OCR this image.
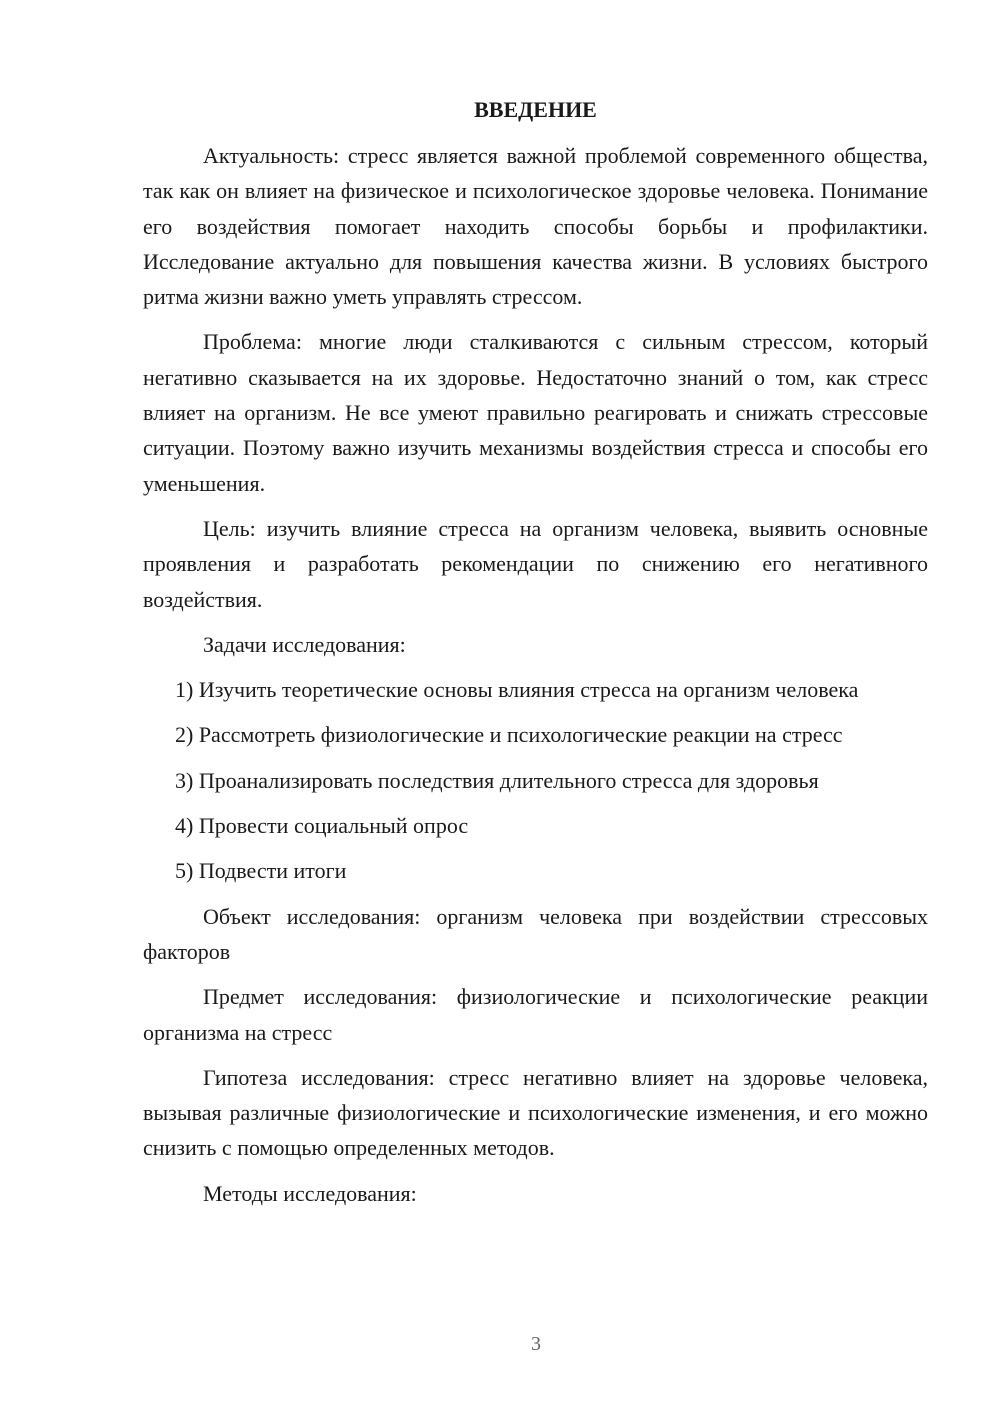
ВВЕДЕНИЕ

Актуальность: стресс является важной проблемой современного общества, так как он влияет на физическое и психологическое здоровье человека. Понимание его воздействия помогает находить способы борьбы и профилактики. Исследование актуально для повышения качества жизни. В условиях быстрого ритма жизни важно уметь управлять стрессом.

Проблема: многие люди сталкиваются с сильным стрессом, который негативно сказывается на их здоровье. Недостаточно знаний о том, как стресс влияет на организм. Не все умеют правильно реагировать и снижать стрессовые ситуации. Поэтому важно изучить механизмы воздействия стресса и способы его уменьшения.

Цель: изучить влияние стресса на организм человека, выявить основные проявления и разработать рекомендации по снижению его негативного воздействия.

Задачи исследования:

1) Изучить теоретические основы влияния стресса на организм человека

2) Рассмотреть физиологические и психологические реакции на стресс

3) Проанализировать последствия длительного стресса для здоровья

4) Провести социальный опрос

5) Подвести итоги

Объект исследования: организм человека при воздействии стрессовых факторов

Предмет исследования: физиологические и психологические реакции организма на стресс

Гипотеза исследования: стресс негативно влияет на здоровье человека, вызывая различные физиологические и психологические изменения, и его можно снизить с помощью определенных методов.

Методы исследования:

3
